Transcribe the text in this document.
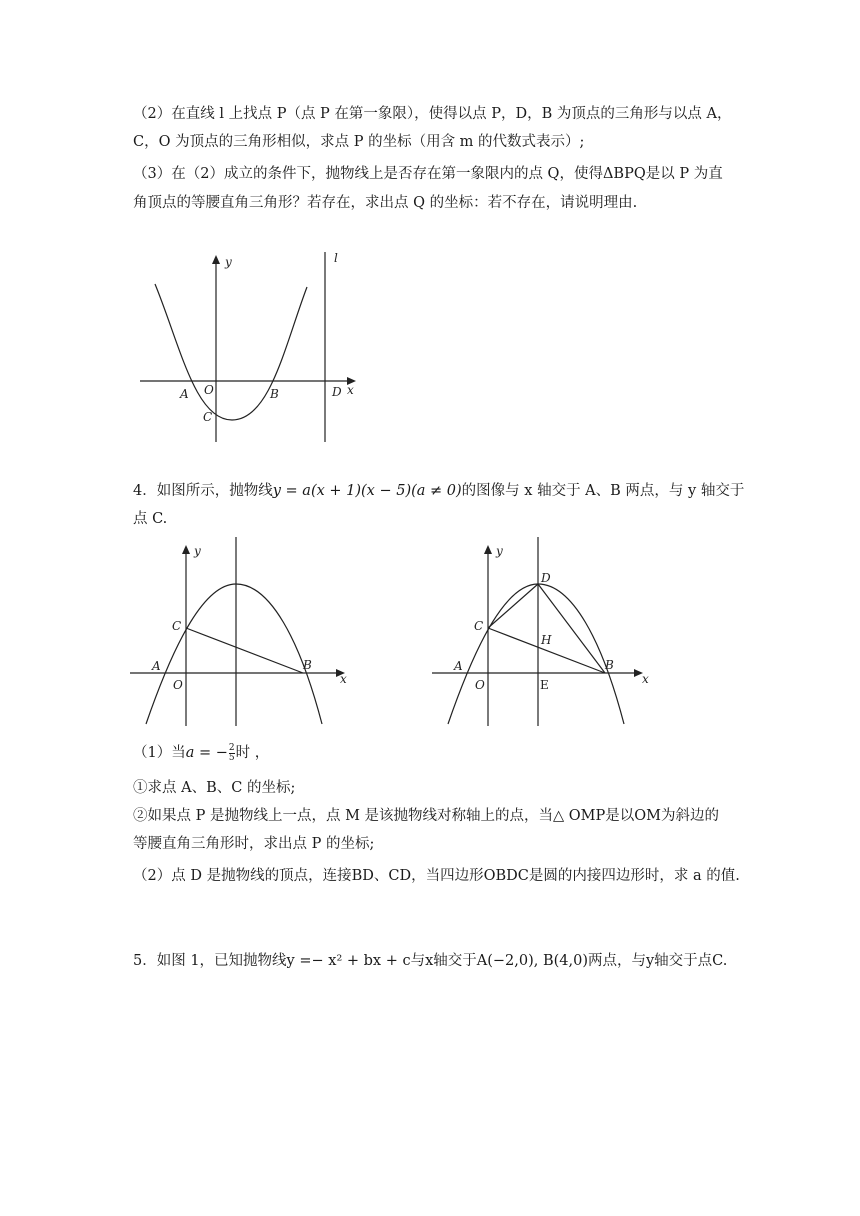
（2）在直线 l 上找点 P（点 P 在第一象限），使得以点 P，D，B 为顶点的三角形与以点 A，
C，O 为顶点的三角形相似，求点 P 的坐标（用含 m 的代数式表示）;
（3）在（2）成立的条件下，抛物线上是否存在第一象限内的点 Q，使得ΔBPQ是以 P 为直
角顶点的等腰直角三角形？若存在，求出点 Q 的坐标：若不存在，请说明理由.
y	l
x
O
A	B
C
D
4．如图所示，抛物线y = a(x + 1)(x − 5)(a ≠ 0)的图像与 x 轴交于 A、B 两点，与 y 轴交于
点 C.
y
x
C
A
O
B
y
x
D
C
H
A
O	E
B
（1）当a = − $\frac{2}{5}$ 时 ，
①求点 A、B、C 的坐标;
②如果点 P 是抛物线上一点，点 M 是该抛物线对称轴上的点，当△ OMP是以OM为斜边的
等腰直角三角形时，求出点 P 的坐标;
（2）点 D 是抛物线的顶点，连接BD、CD，当四边形OBDC是圆的内接四边形时，求 a 的值.
5．如图 1，已知抛物线y =− x² + bx + c与x轴交于A(−2,0), B(4,0)两点，与y轴交于点C.
